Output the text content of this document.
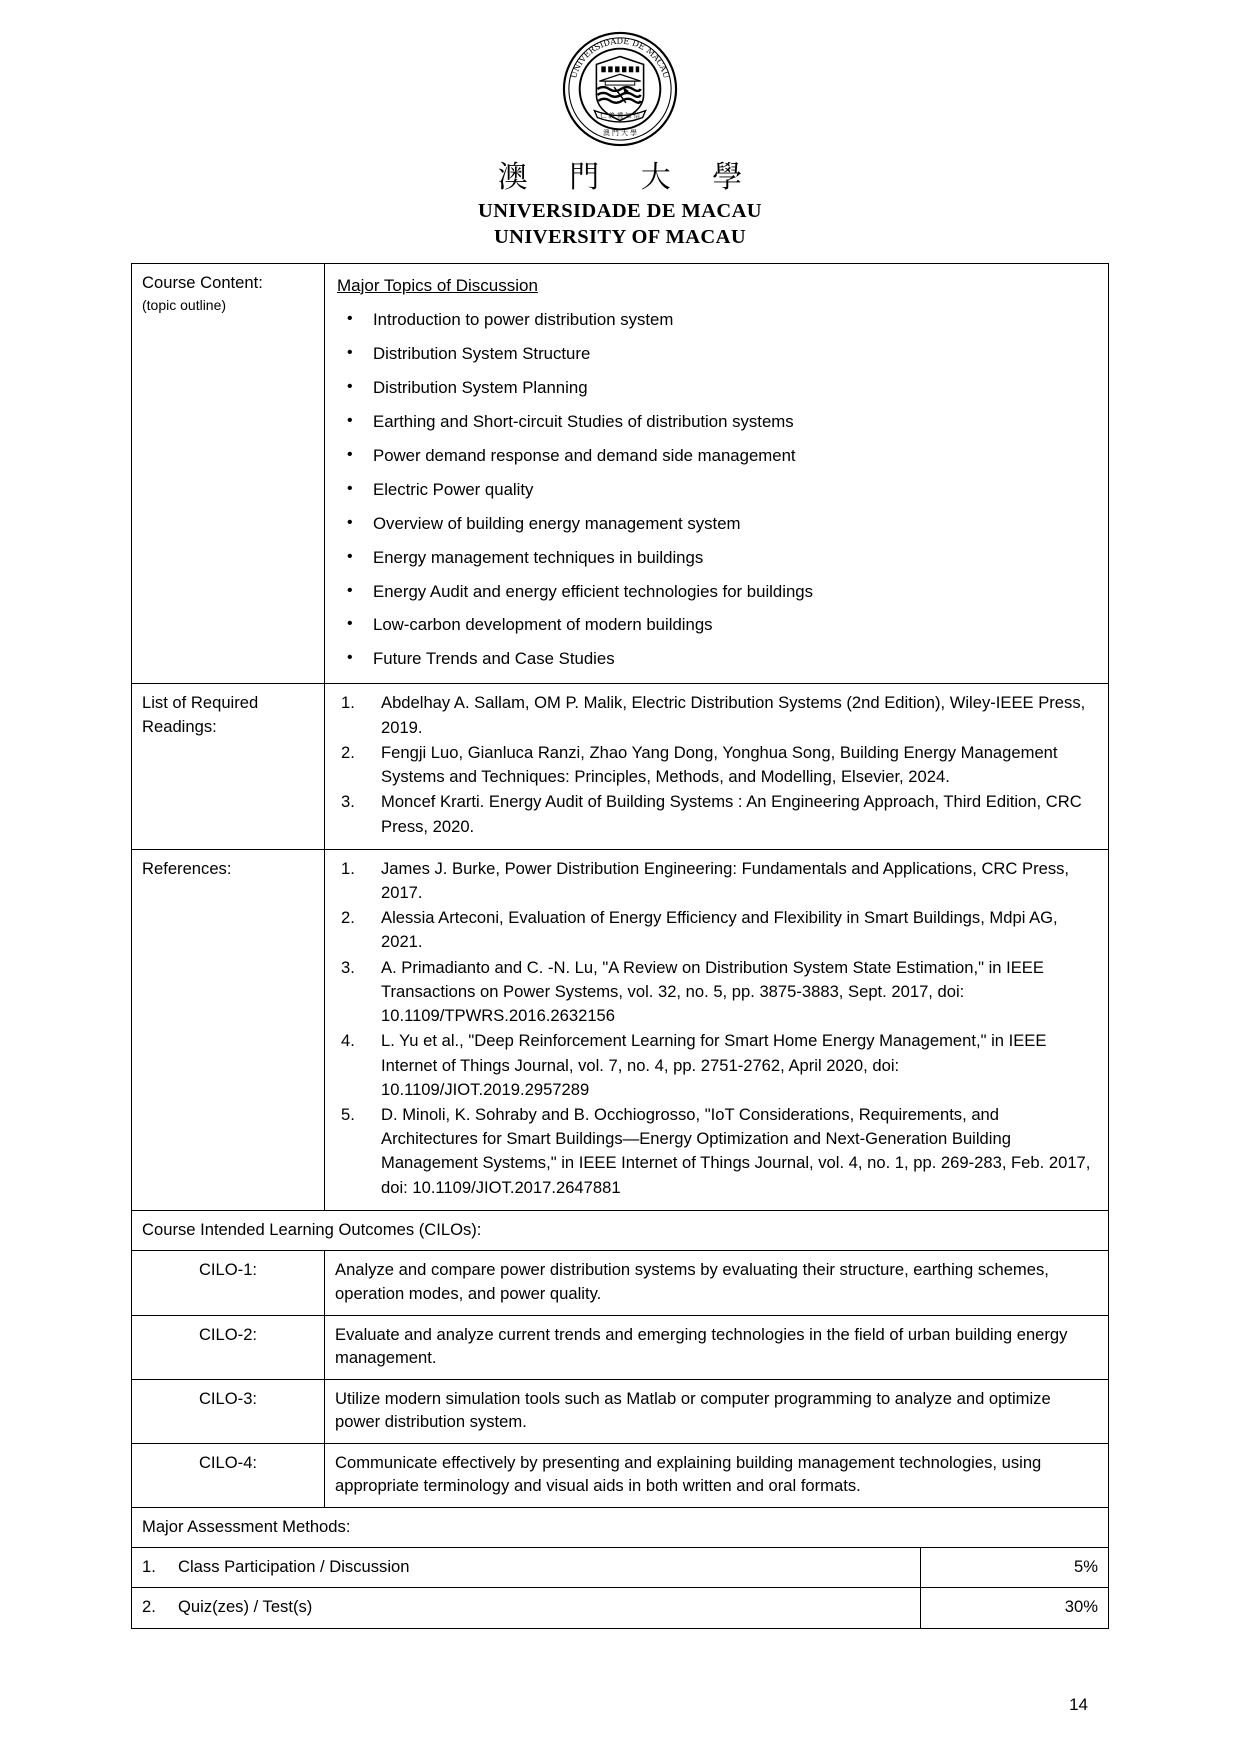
仁 義 禮 知 信
澳 門 大 學
UNIVERSIDADE DE MACAU
澳 門 大 學
UNIVERSIDADE DE MACAU
UNIVERSITY OF MACAU
Course Content:
(topic outline)

Major Topics of Discussion
• Introduction to power distribution system
• Distribution System Structure
• Distribution System Planning
• Earthing and Short-circuit Studies of distribution systems
• Power demand response and demand side management
• Electric Power quality
• Overview of building energy management system
• Energy management techniques in buildings
• Energy Audit and energy efficient technologies for buildings
• Low-carbon development of modern buildings
• Future Trends and Case Studies

List of Required Readings:	
1. Abdelhay A. Sallam, OM P. Malik, Electric Distribution Systems (2nd Edition), Wiley-IEEE Press, 2019.
2. Fengji Luo, Gianluca Ranzi, Zhao Yang Dong, Yonghua Song, Building Energy Management Systems and Techniques: Principles, Methods, and Modelling, Elsevier, 2024.
3. Moncef Krarti. Energy Audit of Building Systems : An Engineering Approach, Third Edition, CRC Press, 2020.

References:	1. James J. Burke, Power Distribution Engineering: Fundamentals and Applications, CRC Press, 2017.
2. Alessia Arteconi, Evaluation of Energy Efficiency and Flexibility in Smart Buildings, Mdpi AG, 2021.
3. A. Primadianto and C. -N. Lu, "A Review on Distribution System State Estimation," in IEEE Transactions on Power Systems, vol. 32, no. 5, pp. 3875-3883, Sept. 2017, doi: 10.1109/TPWRS.2016.2632156
4. L. Yu et al., "Deep Reinforcement Learning for Smart Home Energy Management," in IEEE Internet of Things Journal, vol. 7, no. 4, pp. 2751-2762, April 2020, doi: 10.1109/JIOT.2019.2957289
5. D. Minoli, K. Sohraby and B. Occhiogrosso, "IoT Considerations, Requirements, and Architectures for Smart Buildings—Energy Optimization and Next-Generation Building Management Systems," in IEEE Internet of Things Journal, vol. 4, no. 1, pp. 269-283, Feb. 2017, doi: 10.1109/JIOT.2017.2647881

Course Intended Learning Outcomes (CILOs):	
CILO-1:	Analyze and compare power distribution systems by evaluating their structure, earthing schemes, operation modes, and power quality.
CILO-2:	Evaluate and analyze current trends and emerging technologies in the field of urban building energy management.
CILO-3:	Utilize modern simulation tools such as Matlab or computer programming to analyze and optimize power distribution system.
CILO-4:	Communicate effectively by presenting and explaining building management technologies, using appropriate terminology and visual aids in both written and oral formats.
Major Assessment Methods:	
1. Class Participation / Discussion	5%
2. Quiz(zes) / Test(s)	30%
14
